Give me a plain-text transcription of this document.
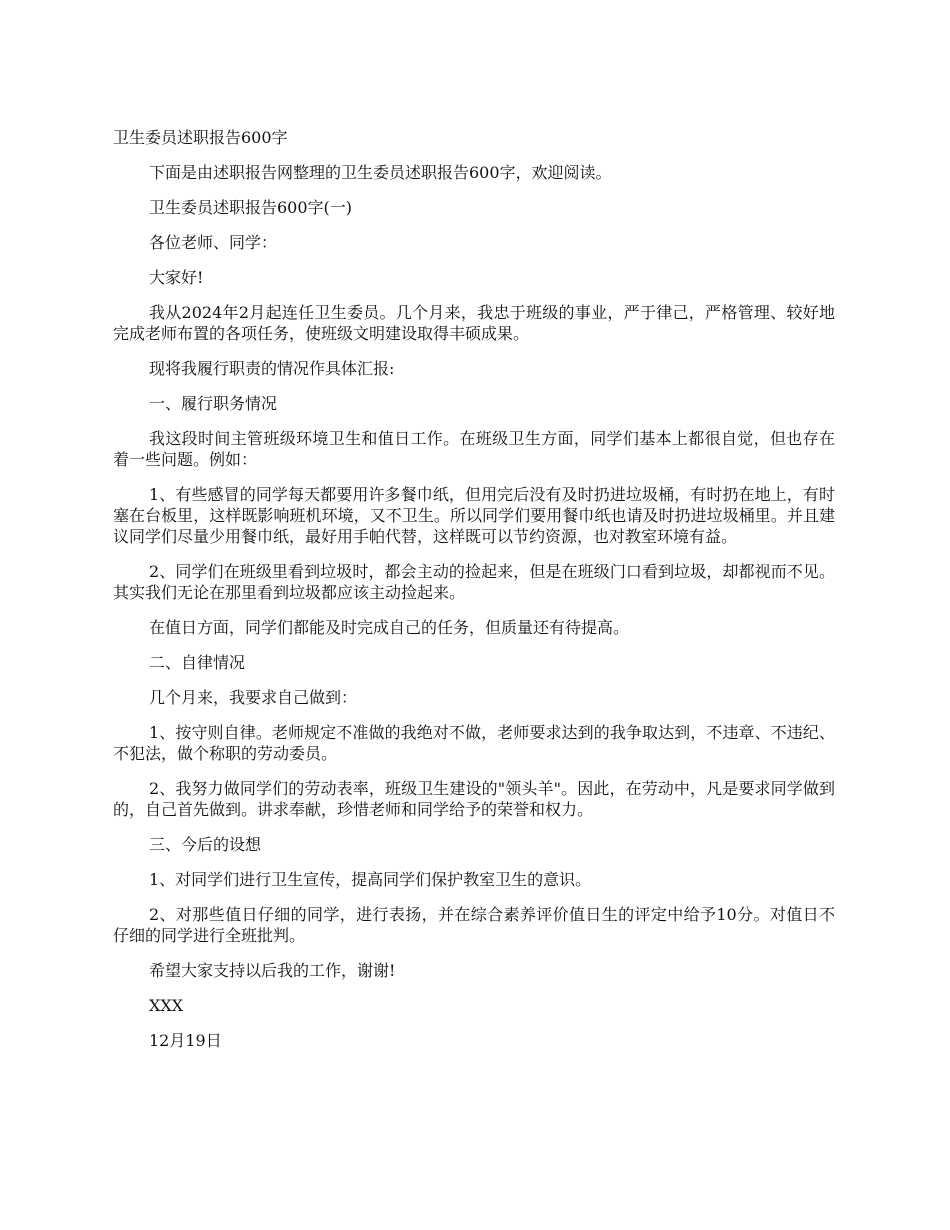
卫生委员述职报告600字
下面是由述职报告网整理的卫生委员述职报告600字，欢迎阅读。
卫生委员述职报告600字(一)
各位老师、同学：
大家好!
我从2024年2月起连任卫生委员。几个月来，我忠于班级的事业，严于律己，严格管理、较好地完成老师布置的各项任务，使班级文明建设取得丰硕成果。
现将我履行职责的情况作具体汇报:
一、履行职务情况
我这段时间主管班级环境卫生和值日工作。在班级卫生方面，同学们基本上都很自觉，但也存在着一些问题。例如：
1、有些感冒的同学每天都要用许多餐巾纸，但用完后没有及时扔进垃圾桶，有时扔在地上，有时塞在台板里，这样既影响班机环境，又不卫生。所以同学们要用餐巾纸也请及时扔进垃圾桶里。并且建议同学们尽量少用餐巾纸，最好用手帕代替，这样既可以节约资源，也对教室环境有益。
2、同学们在班级里看到垃圾时，都会主动的捡起来，但是在班级门口看到垃圾，却都视而不见。其实我们无论在那里看到垃圾都应该主动捡起来。
在值日方面，同学们都能及时完成自己的任务，但质量还有待提高。
二、自律情况
几个月来，我要求自己做到：
1、按守则自律。老师规定不准做的我绝对不做，老师要求达到的我争取达到，不违章、不违纪、不犯法，做个称职的劳动委员。
2、我努力做同学们的劳动表率，班级卫生建设的"领头羊"。因此，在劳动中，凡是要求同学做到的，自己首先做到。讲求奉献，珍惜老师和同学给予的荣誉和权力。
三、今后的设想
1、对同学们进行卫生宣传，提高同学们保护教室卫生的意识。
2、对那些值日仔细的同学，进行表扬，并在综合素养评价值日生的评定中给予10分。对值日不仔细的同学进行全班批判。
希望大家支持以后我的工作，谢谢!
XXX
12月19日
